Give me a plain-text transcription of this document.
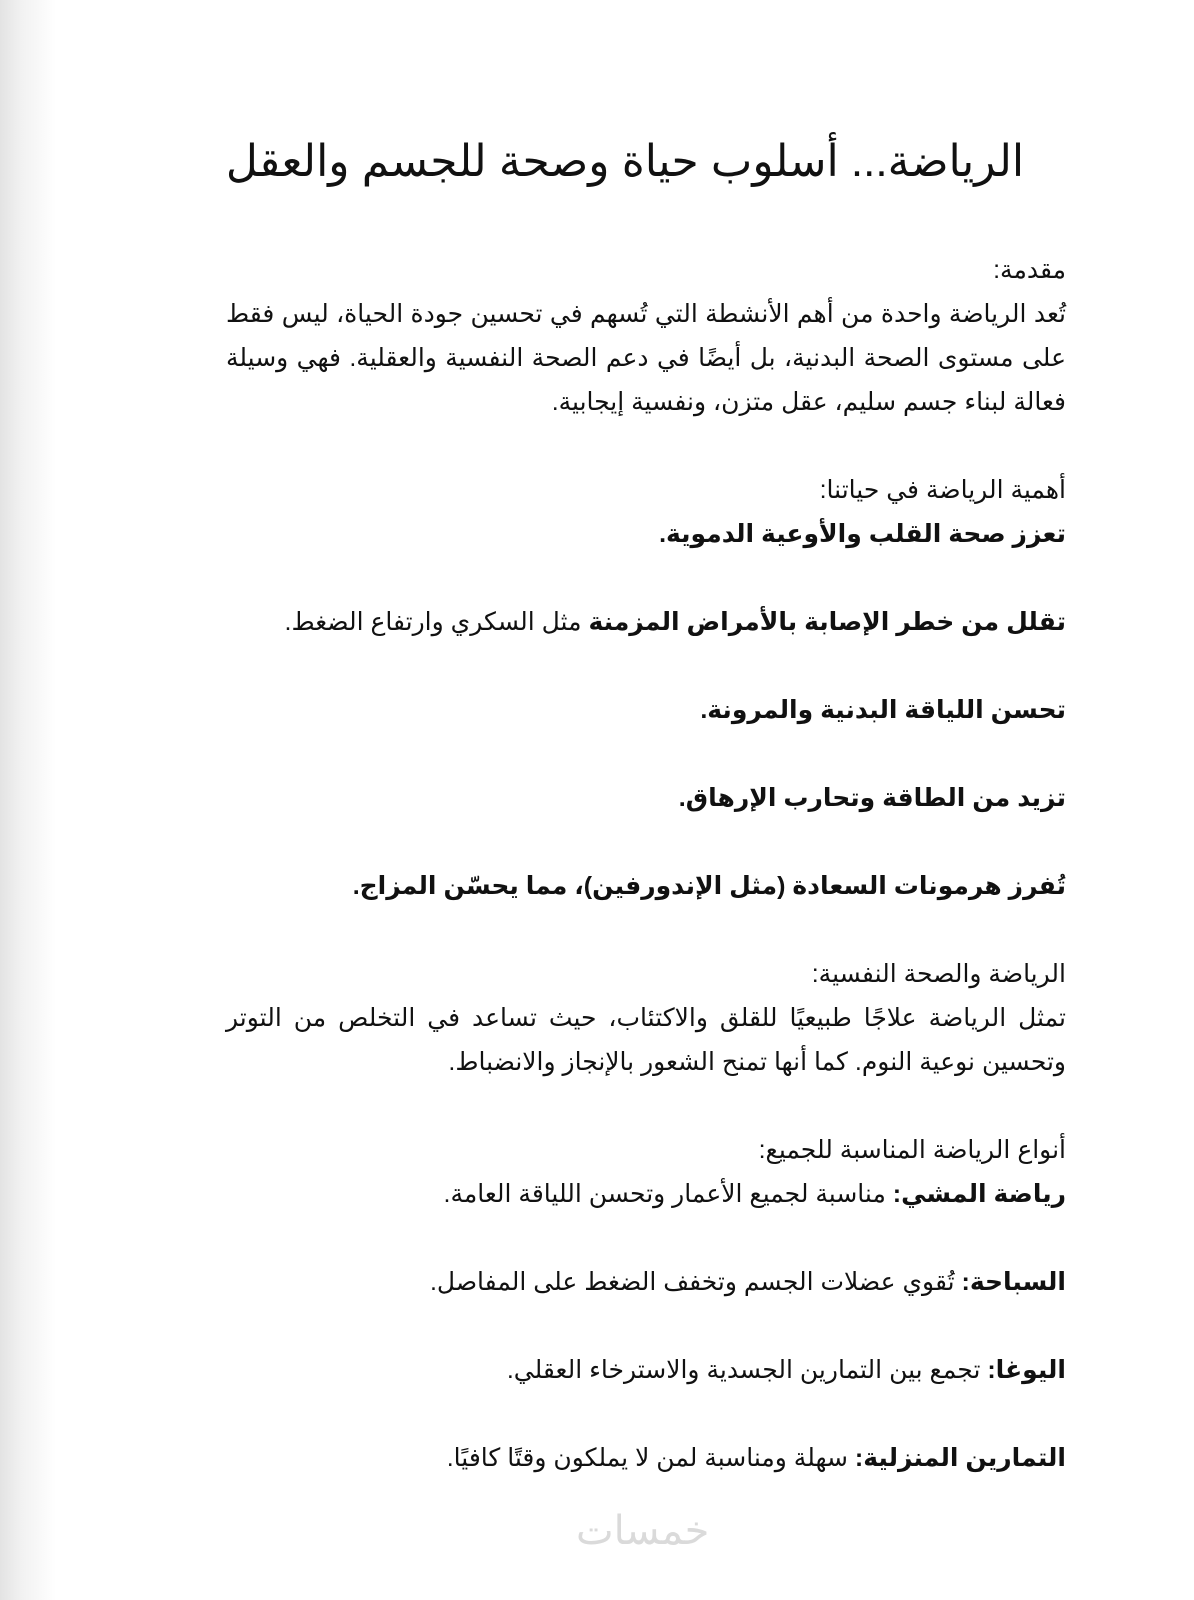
الرياضة... أسلوب حياة وصحة للجسم والعقل

مقدمة:

تُعد الرياضة واحدة من أهم الأنشطة التي تُسهم في تحسين جودة الحياة، ليس فقط على مستوى الصحة البدنية، بل أيضًا في دعم الصحة النفسية والعقلية. فهي وسيلة فعالة لبناء جسم سليم، عقل متزن، ونفسية إيجابية.

أهمية الرياضة في حياتنا:

تعزز صحة القلب والأوعية الدموية.

تقلل من خطر الإصابة بالأمراض المزمنة مثل السكري وارتفاع الضغط.

تحسن اللياقة البدنية والمرونة.

تزيد من الطاقة وتحارب الإرهاق.

تُفرز هرمونات السعادة (مثل الإندورفين)، مما يحسّن المزاج.

الرياضة والصحة النفسية:

تمثل الرياضة علاجًا طبيعيًا للقلق والاكتئاب، حيث تساعد في التخلص من التوتر وتحسين نوعية النوم. كما أنها تمنح الشعور بالإنجاز والانضباط.

أنواع الرياضة المناسبة للجميع:

رياضة المشي: مناسبة لجميع الأعمار وتحسن اللياقة العامة.

السباحة: تُقوي عضلات الجسم وتخفف الضغط على المفاصل.

اليوغا: تجمع بين التمارين الجسدية والاسترخاء العقلي.

التمارين المنزلية: سهلة ومناسبة لمن لا يملكون وقتًا كافيًا.

خمسات
